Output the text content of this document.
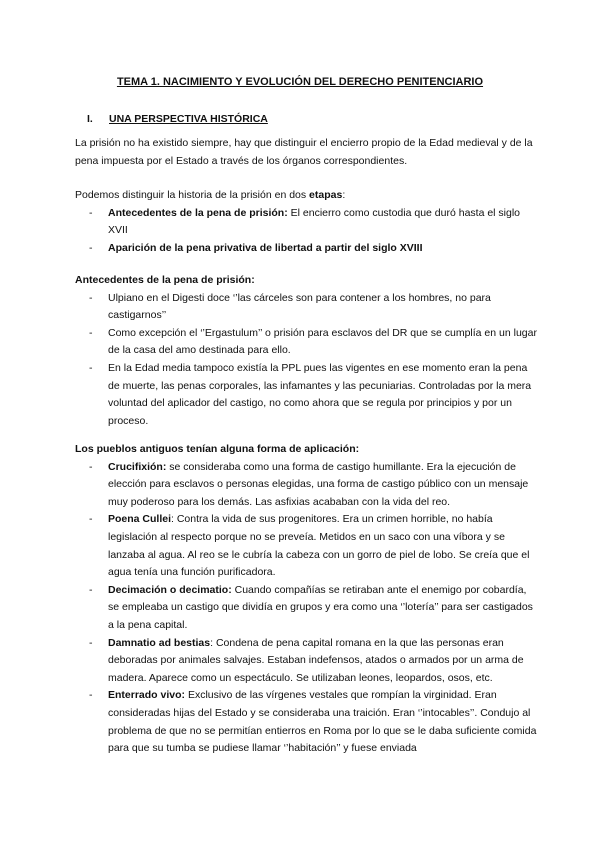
TEMA 1. NACIMIENTO Y EVOLUCIÓN DEL DERECHO PENITENCIARIO
I. UNA PERSPECTIVA HISTÓRICA

La prisión no ha existido siempre, hay que distinguir el encierro propio de la Edad medieval y de la pena impuesta por el Estado a través de los órganos correspondientes.

Podemos distinguir la historia de la prisión en dos etapas:

- Antecedentes de la pena de prisión: El encierro como custodia que duró hasta el siglo XVII
- Aparición de la pena privativa de libertad a partir del siglo XVIII

Antecedentes de la pena de prisión:

- Ulpiano en el Digesti doce ‘’las cárceles son para contener a los hombres, no para castigarnos’’
- Como excepción el ‘’Ergastulum’’ o prisión para esclavos del DR que se cumplía en un lugar de la casa del amo destinada para ello.
- En la Edad media tampoco existía la PPL pues las vigentes en ese momento eran la pena de muerte, las penas corporales, las infamantes y las pecuniarias. Controladas por la mera voluntad del aplicador del castigo, no como ahora que se regula por principios y por un proceso.

Los pueblos antiguos tenían alguna forma de aplicación:

- Crucifixión: se consideraba como una forma de castigo humillante. Era la ejecución de elección para esclavos o personas elegidas, una forma de castigo público con un mensaje muy poderoso para los demás. Las asfixias acababan con la vida del reo.
- Poena Cullei: Contra la vida de sus progenitores. Era un crimen horrible, no había legislación al respecto porque no se preveía. Metidos en un saco con una víbora y se lanzaba al agua. Al reo se le cubría la cabeza con un gorro de piel de lobo. Se creía que el agua tenía una función purificadora.
- Decimación o decimatio: Cuando compañías se retiraban ante el enemigo por cobardía, se empleaba un castigo que dividía en grupos y era como una ‘’lotería’’ para ser castigados a la pena capital.
- Damnatio ad bestias: Condena de pena capital romana en la que las personas eran deboradas por animales salvajes. Estaban indefensos, atados o armados por un arma de madera. Aparece como un espectáculo. Se utilizaban leones, leopardos, osos, etc.
- Enterrado vivo: Exclusivo de las vírgenes vestales que rompían la virginidad. Eran consideradas hijas del Estado y se consideraba una traición. Eran ‘’intocables’’. Condujo al problema de que no se permitían entierros en Roma por lo que se le daba suficiente comida para que su tumba se pudiese llamar ‘’habitación’’ y fuese enviada
